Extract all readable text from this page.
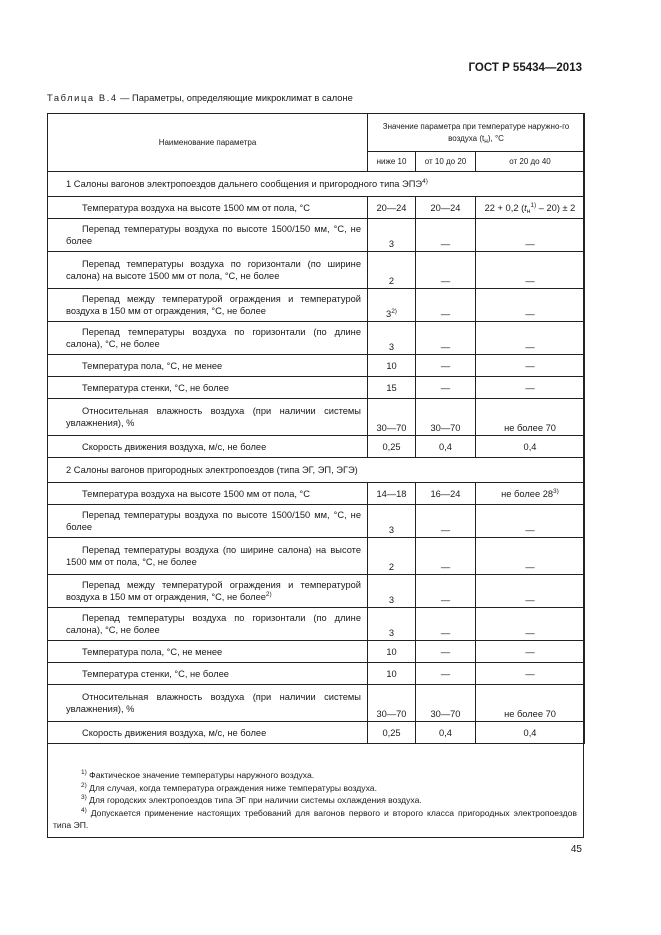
ГОСТ Р 55434—2013
Таблица В.4 — Параметры, определяющие микроклимат в салоне
Наименование параметра	Значение параметра при температуре наружно-го воздуха $(t_н)$, °С		
	ниже 10	от 10 до 20	от 20 до 40
1 Салоны вагонов электропоездов дальнего сообщения и пригородного типа ЭПЭ$^{4)}$
Температура воздуха на высоте 1500 мм от пола, °С	20—24	20—24	22 + 0,2 $(t_н^{1)} - 20) \pm 2$
Перепад температуры воздуха по высоте 1500/150 мм, °С, не более	3	—	—
Перепад температуры воздуха по горизонтали (по ширине салона) на высоте 1500 мм от пола, °С, не более	2	—	—
Перепад между температурой ограждения и температурой воздуха в 150 мм от ограждения, °С, не более	3$^{2)}$	—	—
Перепад температуры воздуха по горизонтали (по длине салона), °С, не более	3	—	—
Температура пола, °С, не менее	10	—	—
Температура стенки, °С, не более	15	—	—
Относительная влажность воздуха (при наличии системы увлажнения), %	30—70	30—70	не более 70
Скорость движения воздуха, м/с, не более	0,25	0,4	0,4
2 Салоны вагонов пригородных электропоездов (типа ЭГ, ЭП, ЭГЭ)			
Температура воздуха на высоте 1500 мм от пола, °С	14—18	16—24	не более 28$^{3)}$
Перепад температуры воздуха по высоте 1500/150 мм, °С, не более	3	—	—
Перепад температуры воздуха (по ширине салона) на высоте 1500 мм от пола, °С, не более	2	—	—
Перепад между температурой ограждения и температурой воздуха в 150 мм от ограждения, °С, не более$^{2)}$	3	—	—
Перепад температуры воздуха по горизонтали (по длине салона), °С, не более	3	—	—
Температура пола, °С, не менее	10	—	—
Температура стенки, °С, не более	10	—	—
Относительная влажность воздуха (при наличии системы увлажнения), %	30—70	30—70	не более 70
Скорость движения воздуха, м/с, не более	0,25	0,4	0,4
$^{1)}$ Фактическое значение температуры наружного воздуха.
$^{2)}$ Для случая, когда температура ограждения ниже температуры воздуха.
$^{3)}$ Для городских электропоездов типа ЭГ при наличии системы охлаждения воздуха.
$^{4)}$ Допускается применение настоящих требований для вагонов первого и второго класса пригородных электропоездов типа ЭП.
45
